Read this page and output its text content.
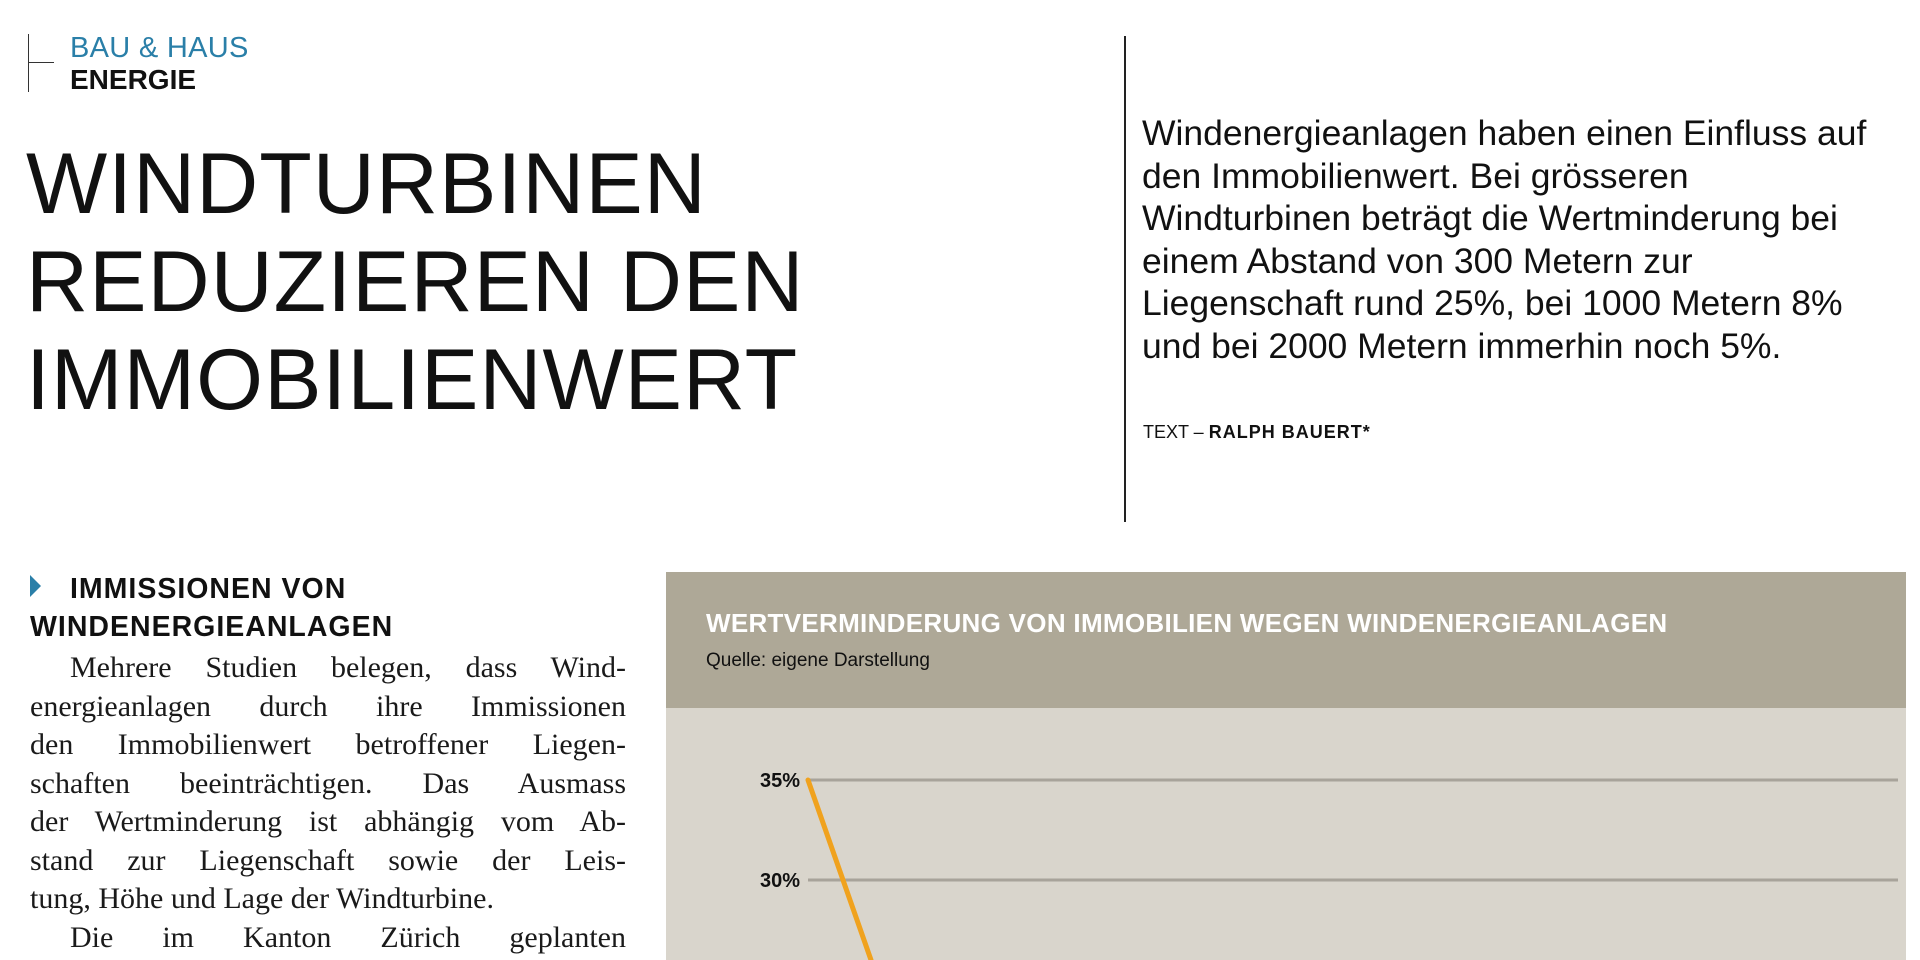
BAU & HAUS
ENERGIE
WINDTURBINEN
REDUZIEREN DEN
IMMOBILIENWERT

Windenergieanlagen haben einen Einfluss auf den Immobilienwert. Bei grösseren Windturbinen beträgt die Wertminderung bei einem Abstand von 300 Metern zur Liegenschaft rund 25%, bei 1000 Metern 8% und bei 2000 Metern immerhin noch 5%.

TEXT – RALPH BAUERT*
IMMISSIONEN VON
WINDENERGIEANLAGEN

Mehrere Studien belegen, dass Wind-
energieanlagen durch ihre Immissionen
den Immobilienwert betroffener Liegen-
schaften beeinträchtigen. Das Ausmass
der Wertminderung ist abhängig vom Ab-
stand zur Liegenschaft sowie der Leis-
tung, Höhe und Lage der Windturbine.

Die im Kanton Zürich geplanten

WERTVERMINDERUNG VON IMMOBILIEN WEGEN WINDENERGIEANLAGEN
Quelle: eigene Darstellung
35%
30%
